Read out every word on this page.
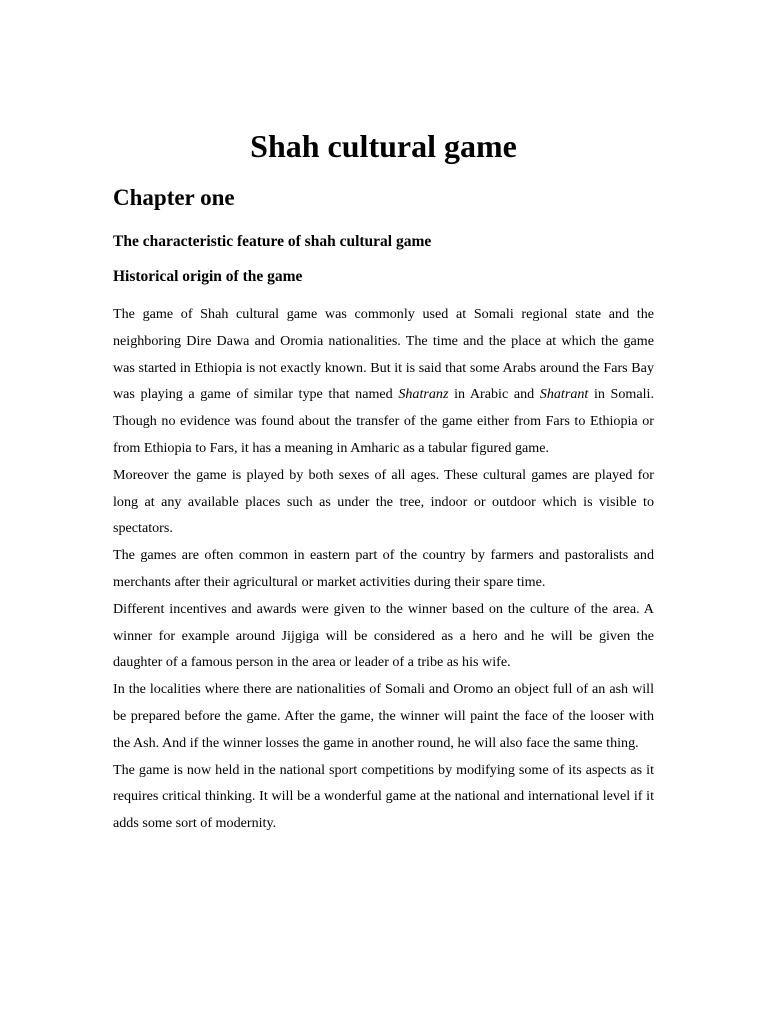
Shah cultural game
Chapter one
The characteristic feature of shah cultural game
Historical origin of the game

The game of Shah cultural game was commonly used at Somali regional state and the neighboring Dire Dawa and Oromia nationalities. The time and the place at which the game was started in Ethiopia is not exactly known. But it is said that some Arabs around the Fars Bay was playing a game of similar type that named Shatranz in Arabic and Shatrant in Somali. Though no evidence was found about the transfer of the game either from Fars to Ethiopia or from Ethiopia to Fars, it has a meaning in Amharic as a tabular figured game.

Moreover the game is played by both sexes of all ages. These cultural games are played for long at any available places such as under the tree, indoor or outdoor which is visible to spectators.

The games are often common in eastern part of the country by farmers and pastoralists and merchants after their agricultural or market activities during their spare time.

Different incentives and awards were given to the winner based on the culture of the area. A winner for example around Jijgiga will be considered as a hero and he will be given the daughter of a famous person in the area or leader of a tribe as his wife.

In the localities where there are nationalities of Somali and Oromo an object full of an ash will be prepared before the game. After the game, the winner will paint the face of the looser with the Ash. And if the winner losses the game in another round, he will also face the same thing.

The game is now held in the national sport competitions by modifying some of its aspects as it requires critical thinking. It will be a wonderful game at the national and international level if it adds some sort of modernity.
